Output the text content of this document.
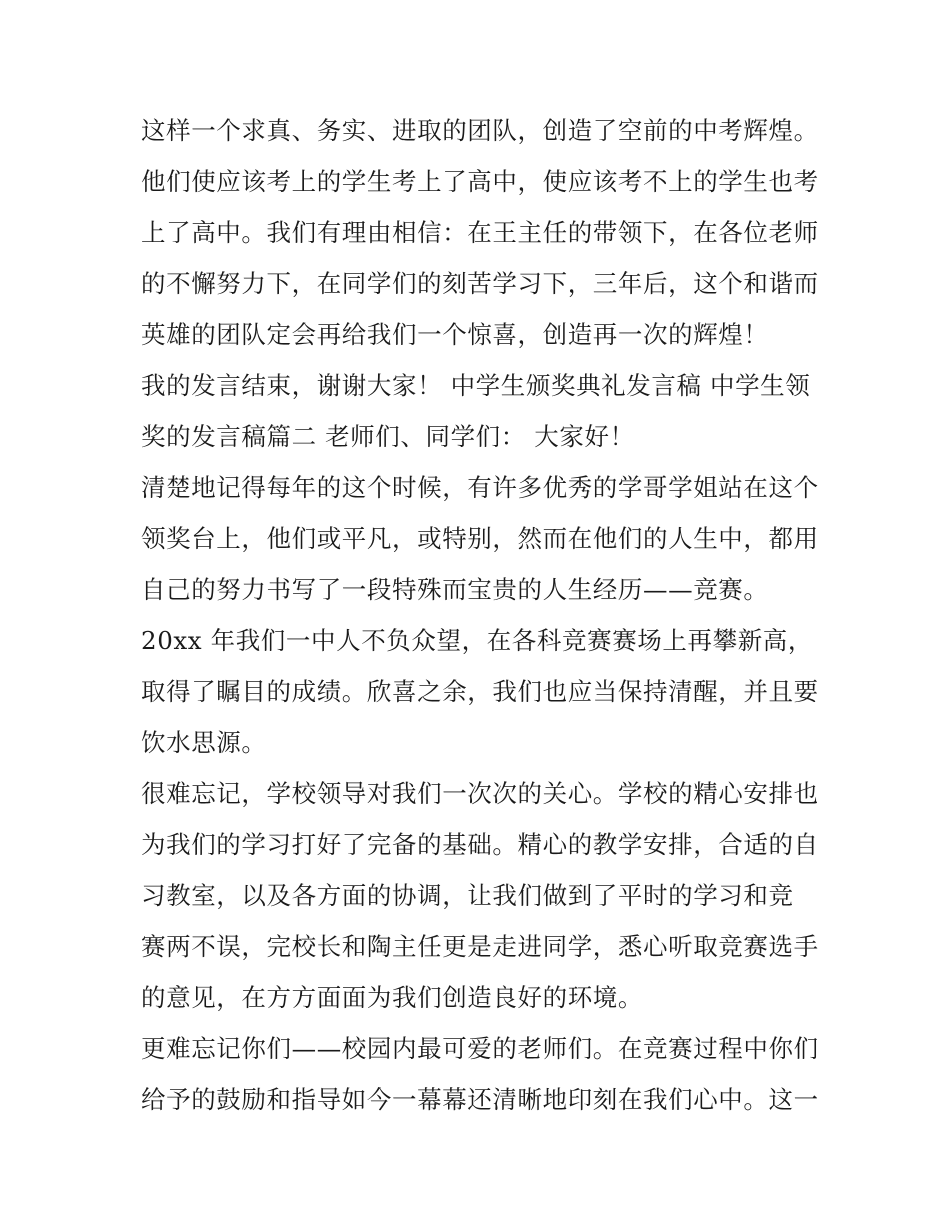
这样一个求真、务实、进取的团队，创造了空前的中考辉煌。
他们使应该考上的学生考上了高中，使应该考不上的学生也考
上了高中。我们有理由相信：在王主任的带领下，在各位老师
的不懈努力下，在同学们的刻苦学习下，三年后，这个和谐而
英雄的团队定会再给我们一个惊喜，创造再一次的辉煌！
我的发言结束，谢谢大家！ 中学生颁奖典礼发言稿 中学生领
奖的发言稿篇二 老师们、同学们： 大家好！
清楚地记得每年的这个时候，有许多优秀的学哥学姐站在这个
领奖台上，他们或平凡，或特别，然而在他们的人生中，都用
自己的努力书写了一段特殊而宝贵的人生经历——竞赛。
20xx 年我们一中人不负众望，在各科竞赛赛场上再攀新高，
取得了瞩目的成绩。欣喜之余，我们也应当保持清醒，并且要
饮水思源。
很难忘记，学校领导对我们一次次的关心。学校的精心安排也
为我们的学习打好了完备的基础。精心的教学安排，合适的自
习教室，以及各方面的协调，让我们做到了平时的学习和竞
赛两不误，完校长和陶主任更是走进同学，悉心听取竞赛选手
的意见，在方方面面为我们创造良好的环境。
更难忘记你们——校园内最可爱的老师们。在竞赛过程中你们
给予的鼓励和指导如今一幕幕还清晰地印刻在我们心中。这一
